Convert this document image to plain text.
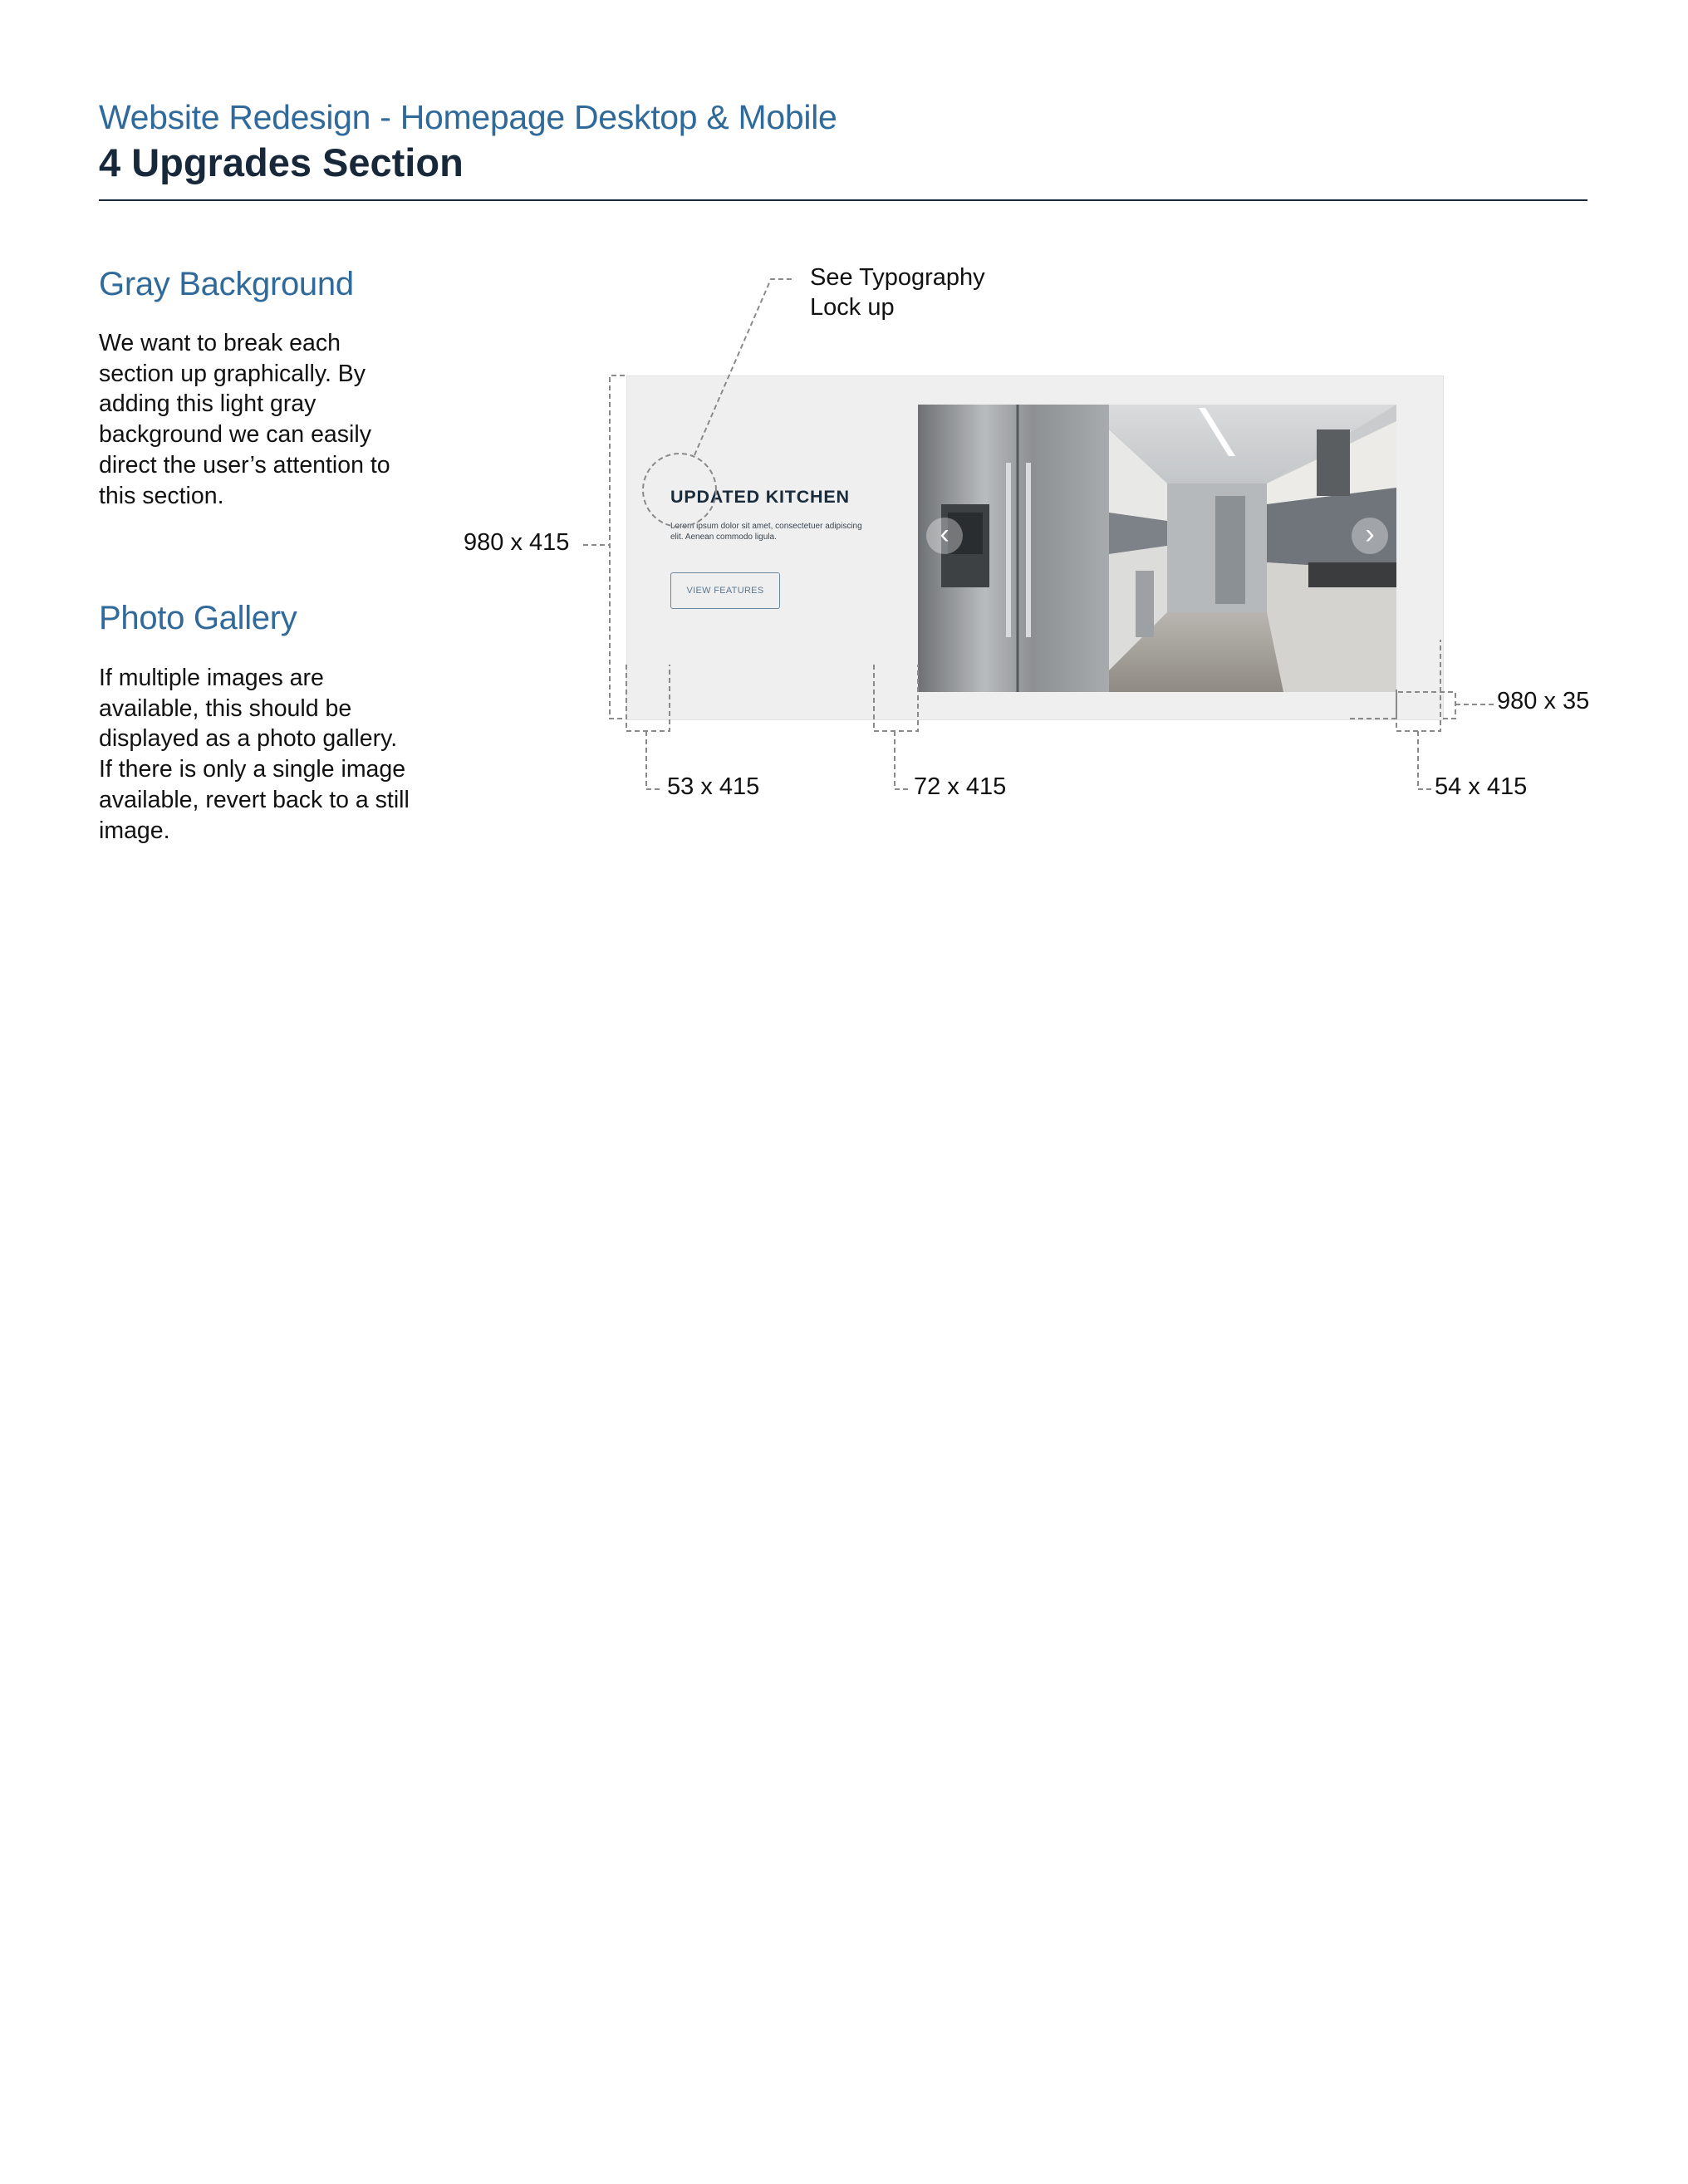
Website Redesign - Homepage Desktop & Mobile
4 Upgrades Section
Gray Background
We want to break each section up graphically. By adding this light gray background we can easily direct the user’s attention to this section.
Photo Gallery
If multiple images are available, this should be displayed as a photo gallery. If there is only a single image available, revert back to a still image.
UPDATED KITCHEN
Lorem ipsum dolor sit amet, consectetuer adipiscing elit. Aenean commodo ligula.
VIEW FEATURES
‹	›
See Typography
Lock up
980 x 415
53 x 415	72 x 415	54 x 415
980 x 35
